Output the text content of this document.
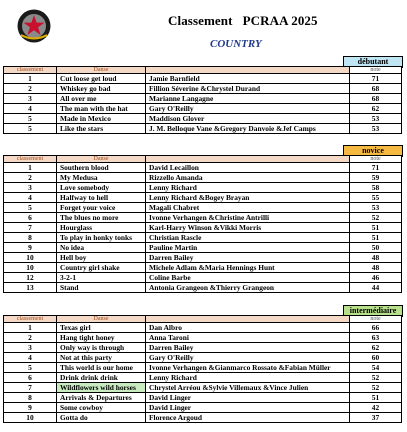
Classement   PCRAA 2025
COUNTRY
débutant
novice
intermédiaire
classement	Danse		note
1	Cut loose get loud	Jamie Barnfield	71
2	Whiskey go bad	Fillion Séverine &Chrystel Durand	68
3	All over me	Marianne Langagne	68
4	The man with the hat	Gary O'Reilly	62
5	Made in Mexico	Maddison Glover	53
5	Like the stars	J. M. Belloque Vane &Gregory Danvoie &Jef Camps	53
classement	Danse		note
1	Southern blood	David Lecaillon	71
2	My Medusa	Rizzello Amanda	59
3	Love somebody	Lenny Richard	58
4	Halfway to hell	Lenny Richard &Bogey Brayan	55
5	Forget your voice	Magali Chabret	53
6	The blues no more	Ivonne Verhangen &Christine Antrilli	52
7	Hourglass	Karl-Harry Winson &Vikki Morris	51
8	To play in honky tonks	Christian Rascle	51
9	No idea	Pauline Martin	50
10	Hell boy	Darren Bailey	48
10	Country girl shake	Michele Adlam &Maria Hennings Hunt	48
12	3-2-1	Coline Barbe	46
13	Stand	Antonia Grangeon &Thierry Grangeon	44
classement	Danse		note
1	Texas girl	Dan Albro	66
2	Hang tight honey	Anna Taroni	63
3	Only way is through	Darren Bailey	62
4	Not at this party	Gary O'Reilly	60
5	This world is our home	Ivonne Verhangen &Gianmarco Rossato &Fabian Müller	54
6	Drink drink drink	Lenny Richard	52
7	Wildflowers wild horses	Chrystel Arréou &Sylvie Villemaux &Vince Julien	52
8	Arrivals & Departures	David Linger	51
9	Some cowboy	David Linger	42
10	Gotta do	Florence Argoud	37
